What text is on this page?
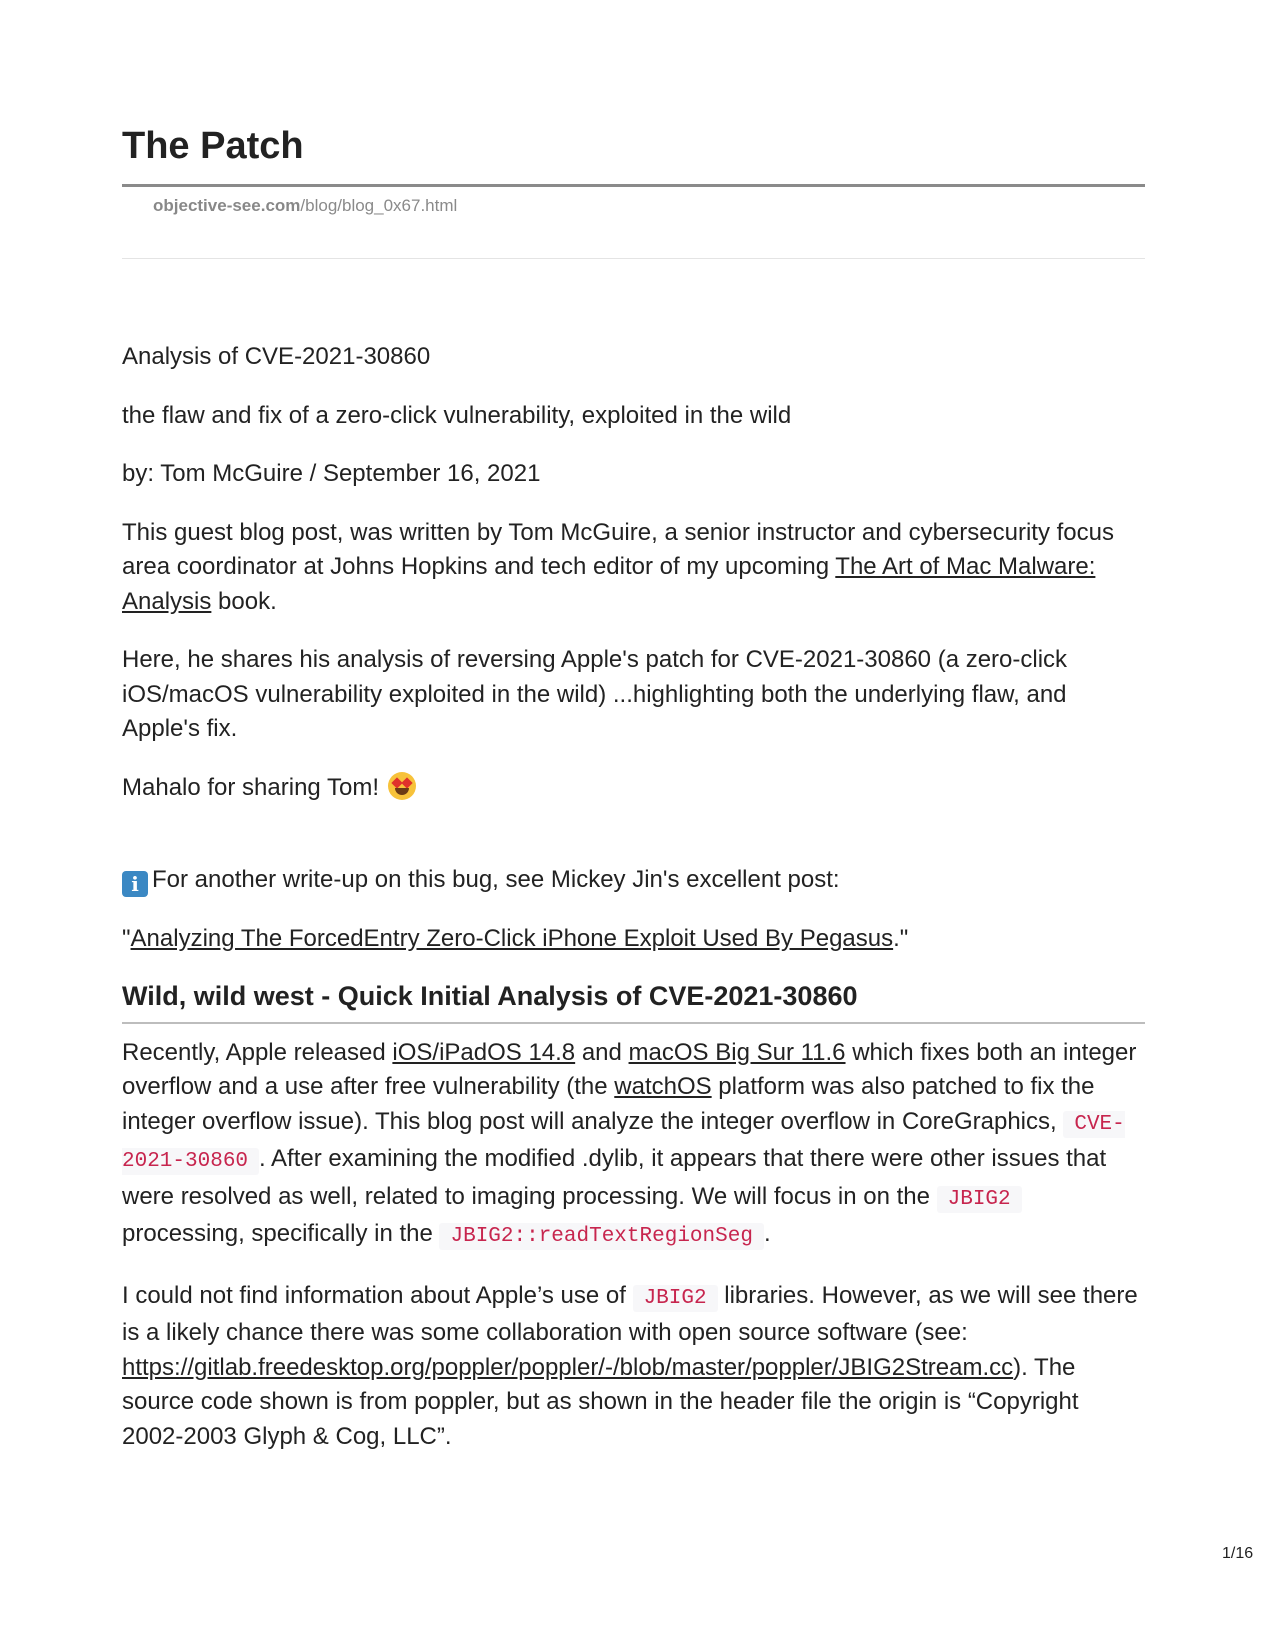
The Patch
objective-see.com/blog/blog_0x67.html

Analysis of CVE-2021-30860

the flaw and fix of a zero-click vulnerability, exploited in the wild

by: Tom McGuire / September 16, 2021

This guest blog post, was written by Tom McGuire, a senior instructor and cybersecurity focus area coordinator at Johns Hopkins and tech editor of my upcoming The Art of Mac Malware: Analysis book.

Here, he shares his analysis of reversing Apple's patch for CVE-2021-30860 (a zero-click iOS/macOS vulnerability exploited in the wild) ...highlighting both the underlying flaw, and Apple's fix.

Mahalo for sharing Tom!

i For another write-up on this bug, see Mickey Jin's excellent post:

"Analyzing The ForcedEntry Zero-Click iPhone Exploit Used By Pegasus."

Wild, wild west - Quick Initial Analysis of CVE-2021-30860

Recently, Apple released iOS/iPadOS 14.8 and macOS Big Sur 11.6 which fixes both an integer overflow and a use after free vulnerability (the watchOS platform was also patched to fix the integer overflow issue). This blog post will analyze the integer overflow in CoreGraphics, CVE-2021-30860 . After examining the modified .dylib, it appears that there were other issues that were resolved as well, related to imaging processing. We will focus in on the JBIG2 processing, specifically in the JBIG2::readTextRegionSeg .

I could not find information about Apple’s use of JBIG2 libraries. However, as we will see there is a likely chance there was some collaboration with open source software (see: https://gitlab.freedesktop.org/poppler/poppler/-/blob/master/poppler/JBIG2Stream.cc). The source code shown is from poppler, but as shown in the header file the origin is “Copyright 2002-2003 Glyph & Cog, LLC”.

1/16
